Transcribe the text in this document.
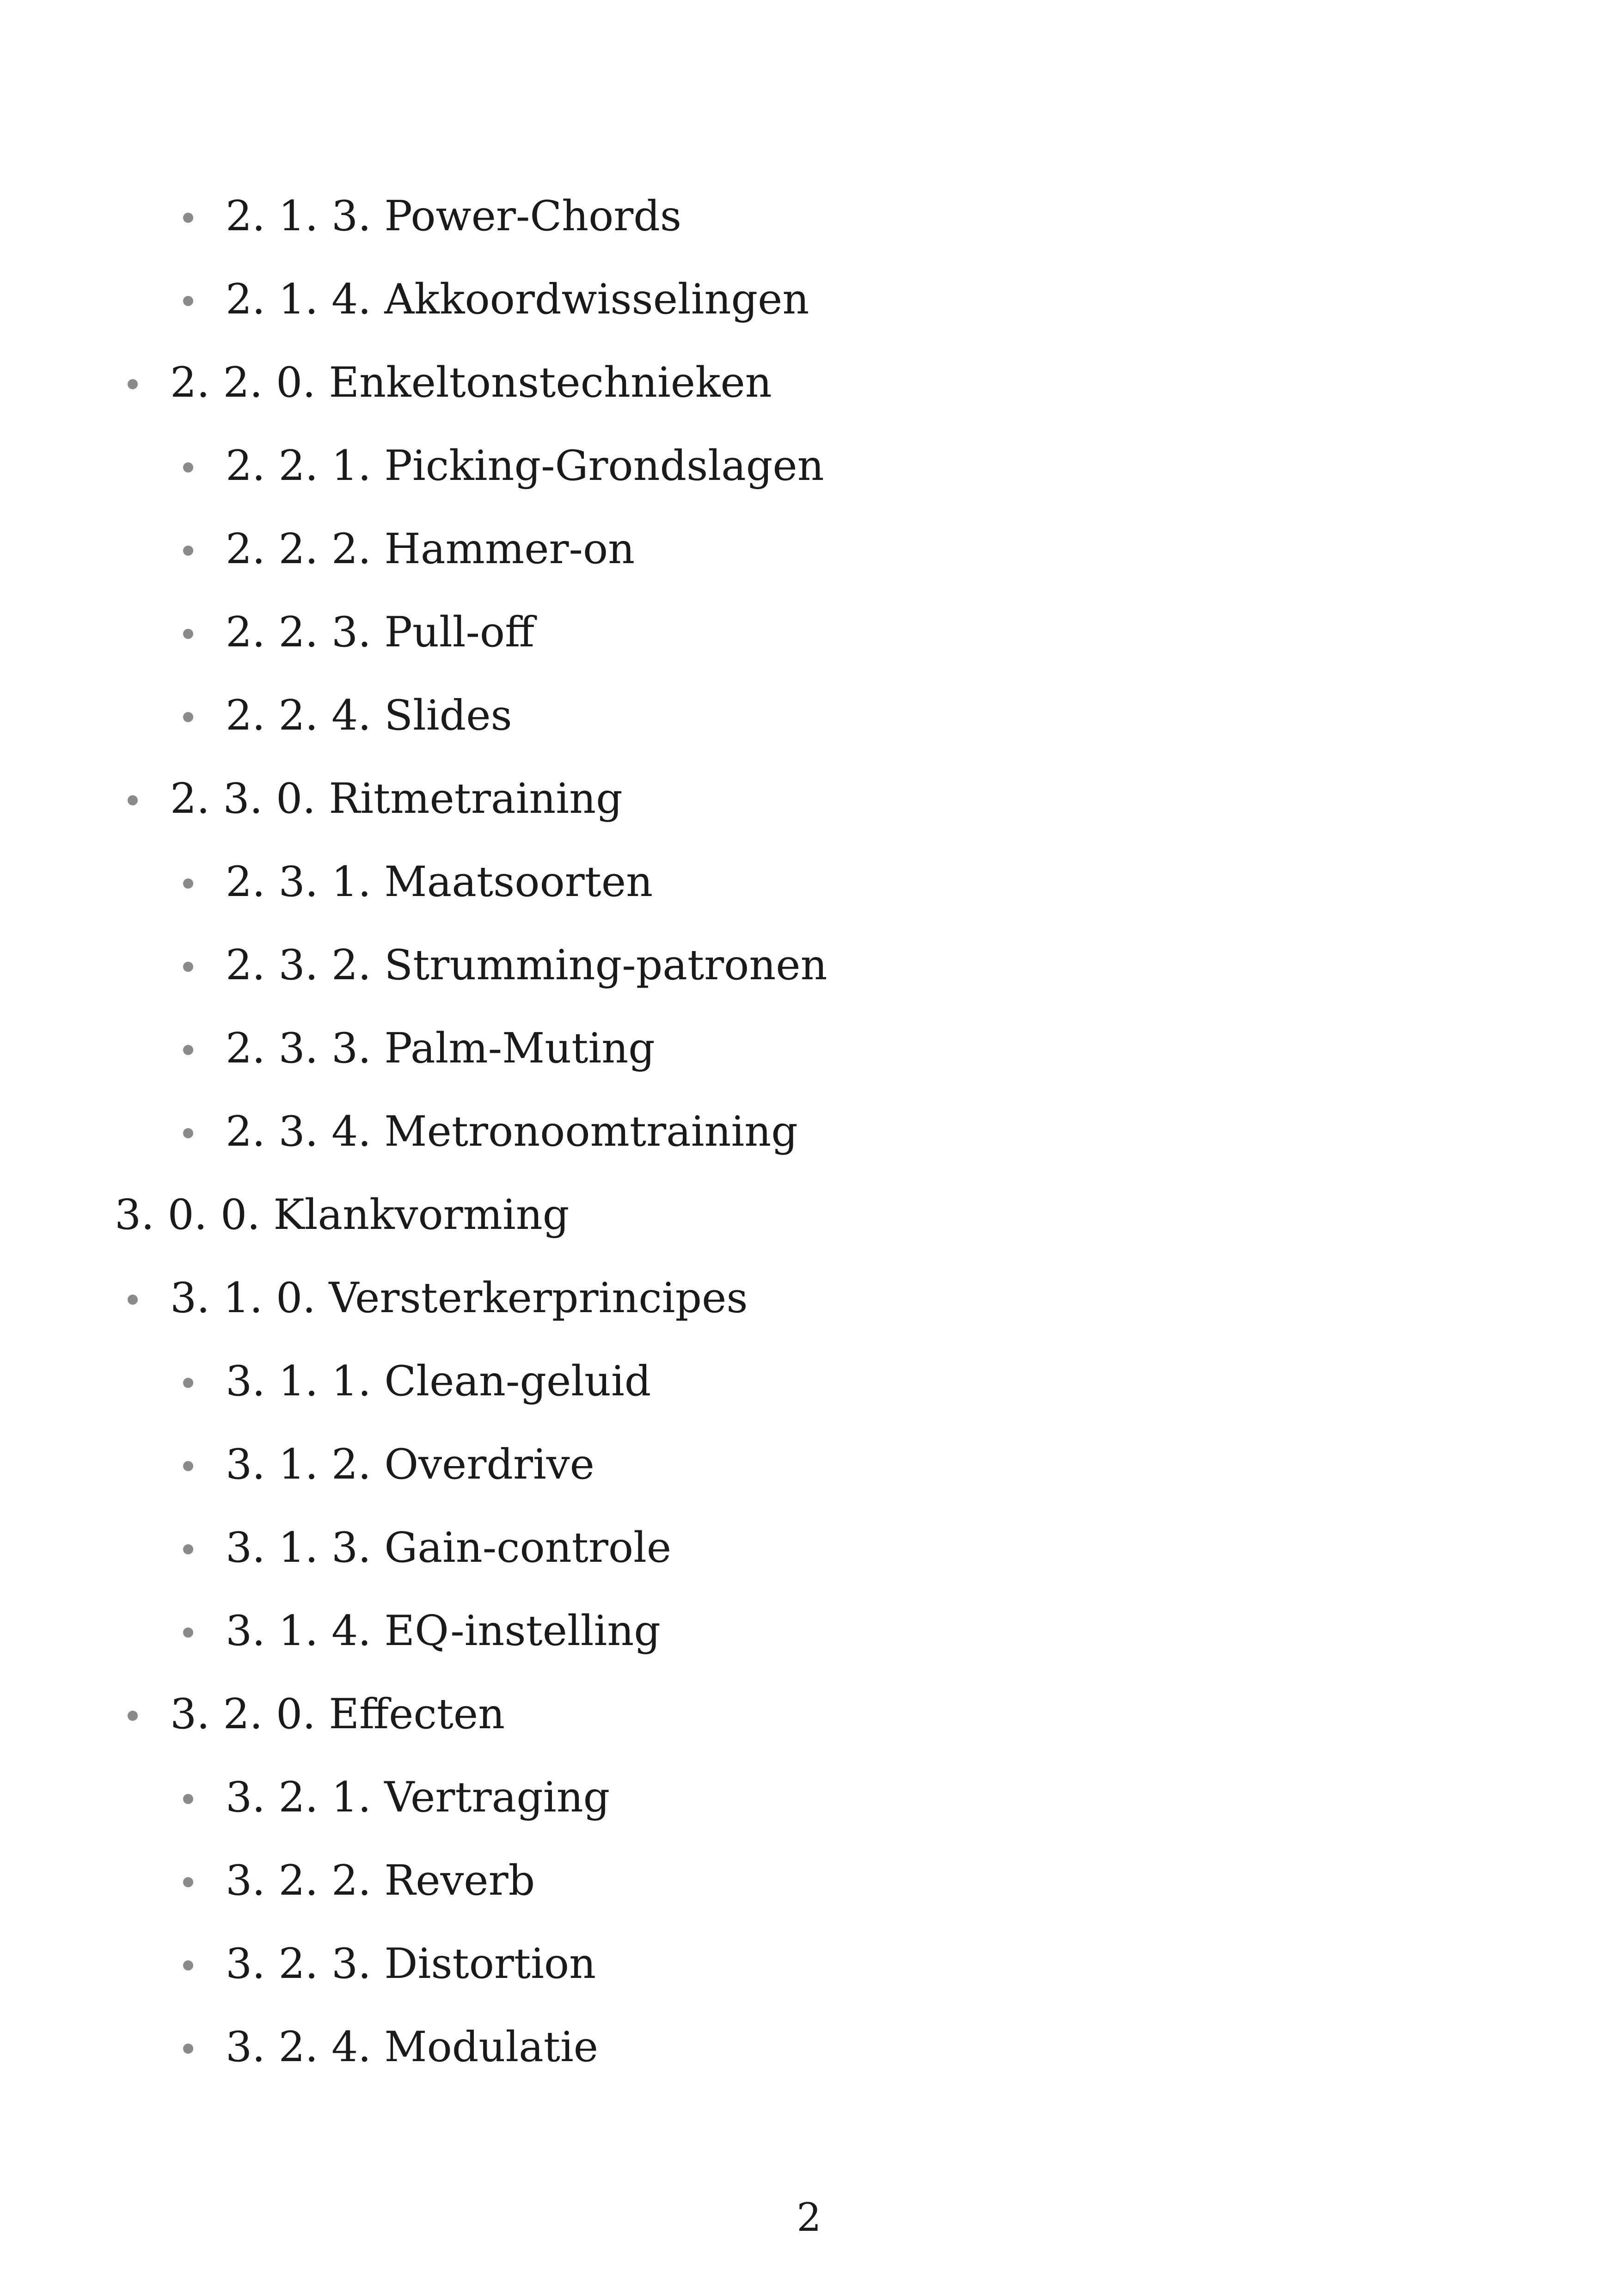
2. 1. 3. Power-Chords
2. 1. 4. Akkoordwisselingen
2. 2. 0. Enkeltonstechnieken
2. 2. 1. Picking-Grondslagen
2. 2. 2. Hammer-on
2. 2. 3. Pull-off
2. 2. 4. Slides
2. 3. 0. Ritmetraining
2. 3. 1. Maatsoorten
2. 3. 2. Strumming-patronen
2. 3. 3. Palm-Muting
2. 3. 4. Metronoomtraining
3. 0. 0. Klankvorming
3. 1. 0. Versterkerprincipes
3. 1. 1. Clean-geluid
3. 1. 2. Overdrive
3. 1. 3. Gain-controle
3. 1. 4. EQ-instelling
3. 2. 0. Effecten
3. 2. 1. Vertraging
3. 2. 2. Reverb
3. 2. 3. Distortion
3. 2. 4. Modulatie
2
